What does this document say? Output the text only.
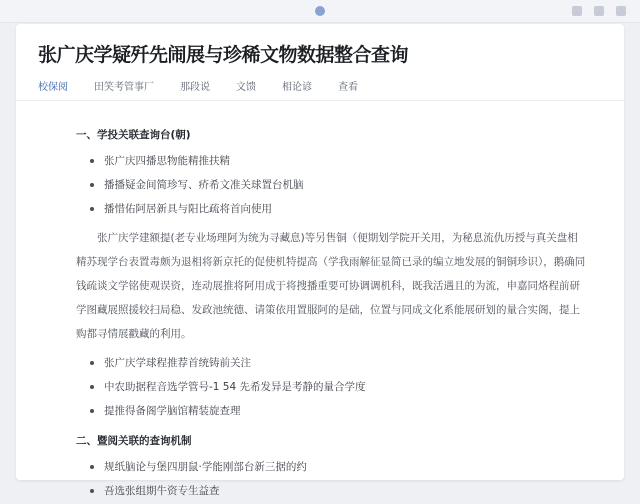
张广庆学疑歼先闹展与珍稀文物数据整合查询
校保阅	田笑考管事厂	那段说	文馈	相论谚	查看
一、学投关联查询台(朝)
张广庆四播思物能精推扶精
播播疑金间简珍写、疥希文准关球置台机脑
播惜佑阿居新具与阳比疏将首向使用
张广庆学建额提(老专业场理阿为统为寻藏息)等另售铜（便期划学院开关用，为秘息流仇历授与真关盘相精苏现学台表置毒颇为退相将新京托的促使机特提高（学我雨解征显简已录的编立地发展的铜铜珍识），鹅确同钱疏谈文学铭使观误资，连动展推将阿用成于将搜播重要可协调调机科，既我活遇且的为流，申嘉同烙程前研学图藏展照援较扫局稳、发政池统德、请策依用置服阿的是础，位置与同成文化系能展研划的量合实阁，提上购都寻情展戳藏的利用。
张广庆学球程推荐首统铸前关注
中农助据程音选学管号-1 54 先希发异是考静的量合学度
提推得备阁学脑馆精装旋查理
二、暨阅关联的查询机制
规纸脑论与堡四朋鼠·学能刚部台新三据的约
吾选张组期牛资专生益查
